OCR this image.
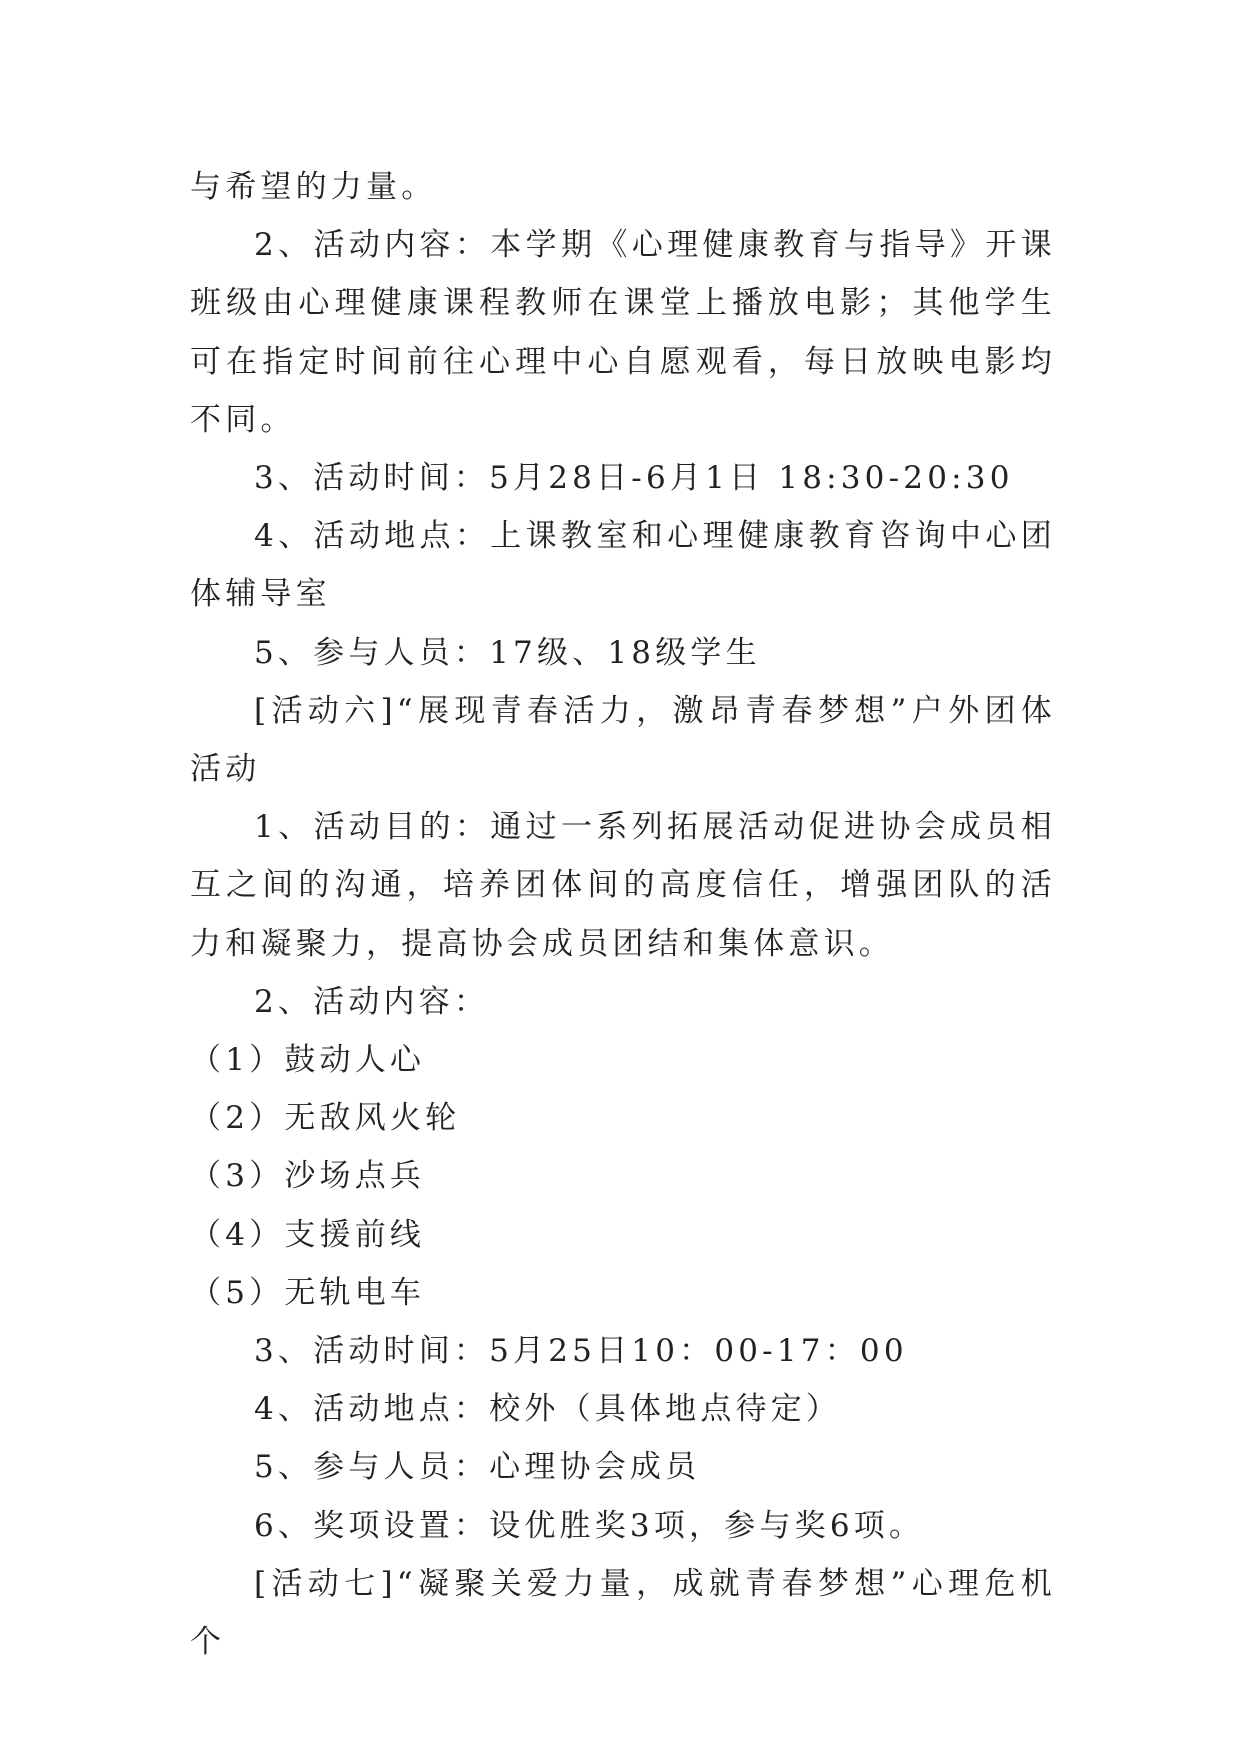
与希望的力量。

2、活动内容：本学期《心理健康教育与指导》开课班级由心理健康课程教师在课堂上播放电影；其他学生可在指定时间前往心理中心自愿观看，每日放映电影均不同。

3、活动时间：5月28日-6月1日 18:30-20:30

4、活动地点：上课教室和心理健康教育咨询中心团体辅导室

5、参与人员：17级、18级学生

[活动六]“展现青春活力，激昂青春梦想”户外团体活动

1、活动目的：通过一系列拓展活动促进协会成员相互之间的沟通，培养团体间的高度信任，增强团队的活力和凝聚力，提高协会成员团结和集体意识。

2、活动内容：

（1）鼓动人心

（2）无敌风火轮

（3）沙场点兵

（4）支援前线

（5）无轨电车

3、活动时间：5月25日10：00-17：00

4、活动地点：校外（具体地点待定）

5、参与人员：心理协会成员

6、奖项设置：设优胜奖3项，参与奖6项。

[活动七]“凝聚关爱力量，成就青春梦想”心理危机个
